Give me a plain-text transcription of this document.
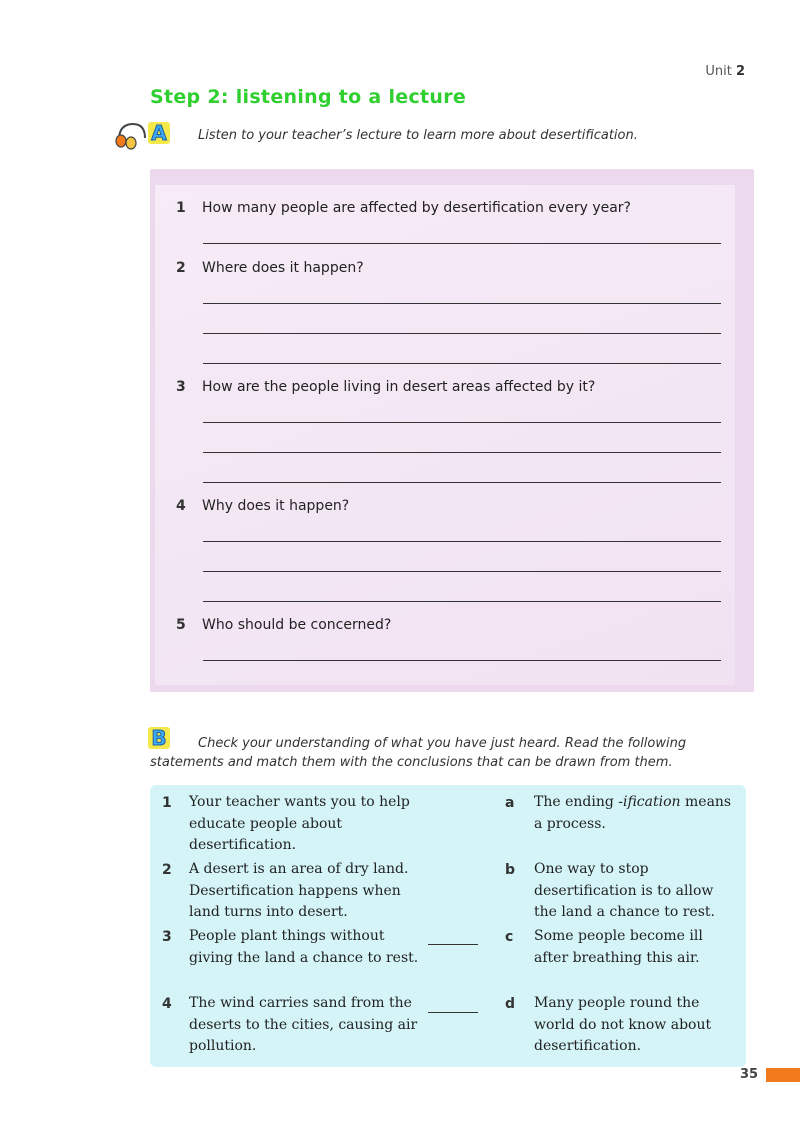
Unit 2
Step 2: listening to a lecture
A Listen to your teacher’s lecture to learn more about desertification.
1 How many people are affected by desertification every year?
2 Where does it happen?
3 How are the people living in desert areas affected by it?
4 Why does it happen?
5 Who should be concerned?
B	Check your understanding of what you have just heard. Read the following statements and match them with the conclusions that can be drawn from them.
1 Your teacher wants you to help educate people about desertification.
a The ending -ification means a process.
2 A desert is an area of dry land. Desertification happens when land turns into desert.
b One way to stop desertification is to allow the land a chance to rest.
3 People plant things without giving the land a chance to rest.
c Some people become ill after breathing this air.
4 The wind carries sand from the deserts to the cities, causing air pollution.
d Many people round the world do not know about desertification.
35
